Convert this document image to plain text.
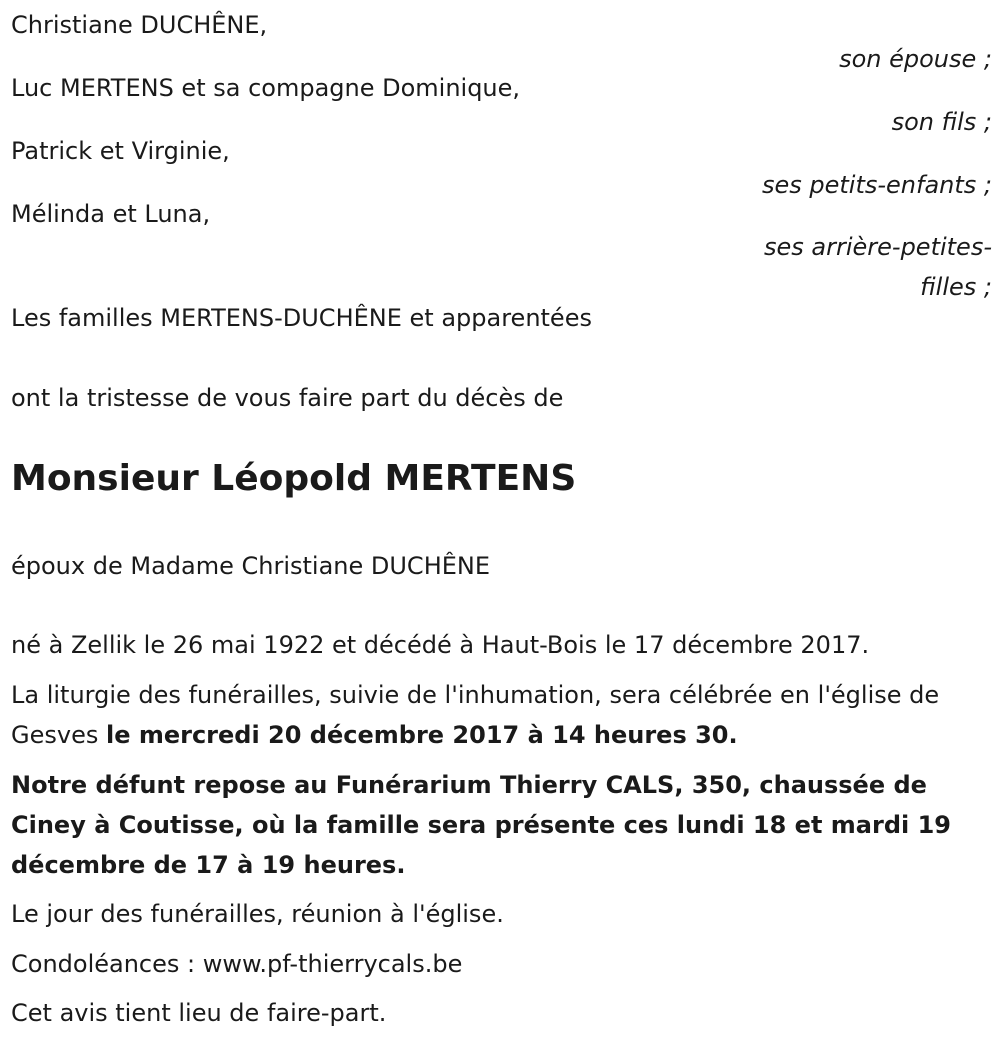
Christiane DUCHÊNE,
son épouse ;
Luc MERTENS et sa compagne Dominique,
son fils ;
Patrick et Virginie,
ses petits-enfants ;
Mélinda et Luna,
ses arrière-petites-filles ;

Les familles MERTENS-DUCHÊNE et apparentées

ont la tristesse de vous faire part du décès de

Monsieur Léopold MERTENS

époux de Madame Christiane DUCHÊNE

né à Zellik le 26 mai 1922 et décédé à Haut-Bois le 17 décembre 2017.

La liturgie des funérailles, suivie de l'inhumation, sera célébrée en l'église de Gesves le mercredi 20 décembre 2017 à 14 heures 30.

Notre défunt repose au Funérarium Thierry CALS, 350, chaussée de Ciney à Coutisse, où la famille sera présente ces lundi 18 et mardi 19 décembre de 17 à 19 heures.

Le jour des funérailles, réunion à l'église.

Condoléances : www.pf-thierrycals.be

Cet avis tient lieu de faire-part.
